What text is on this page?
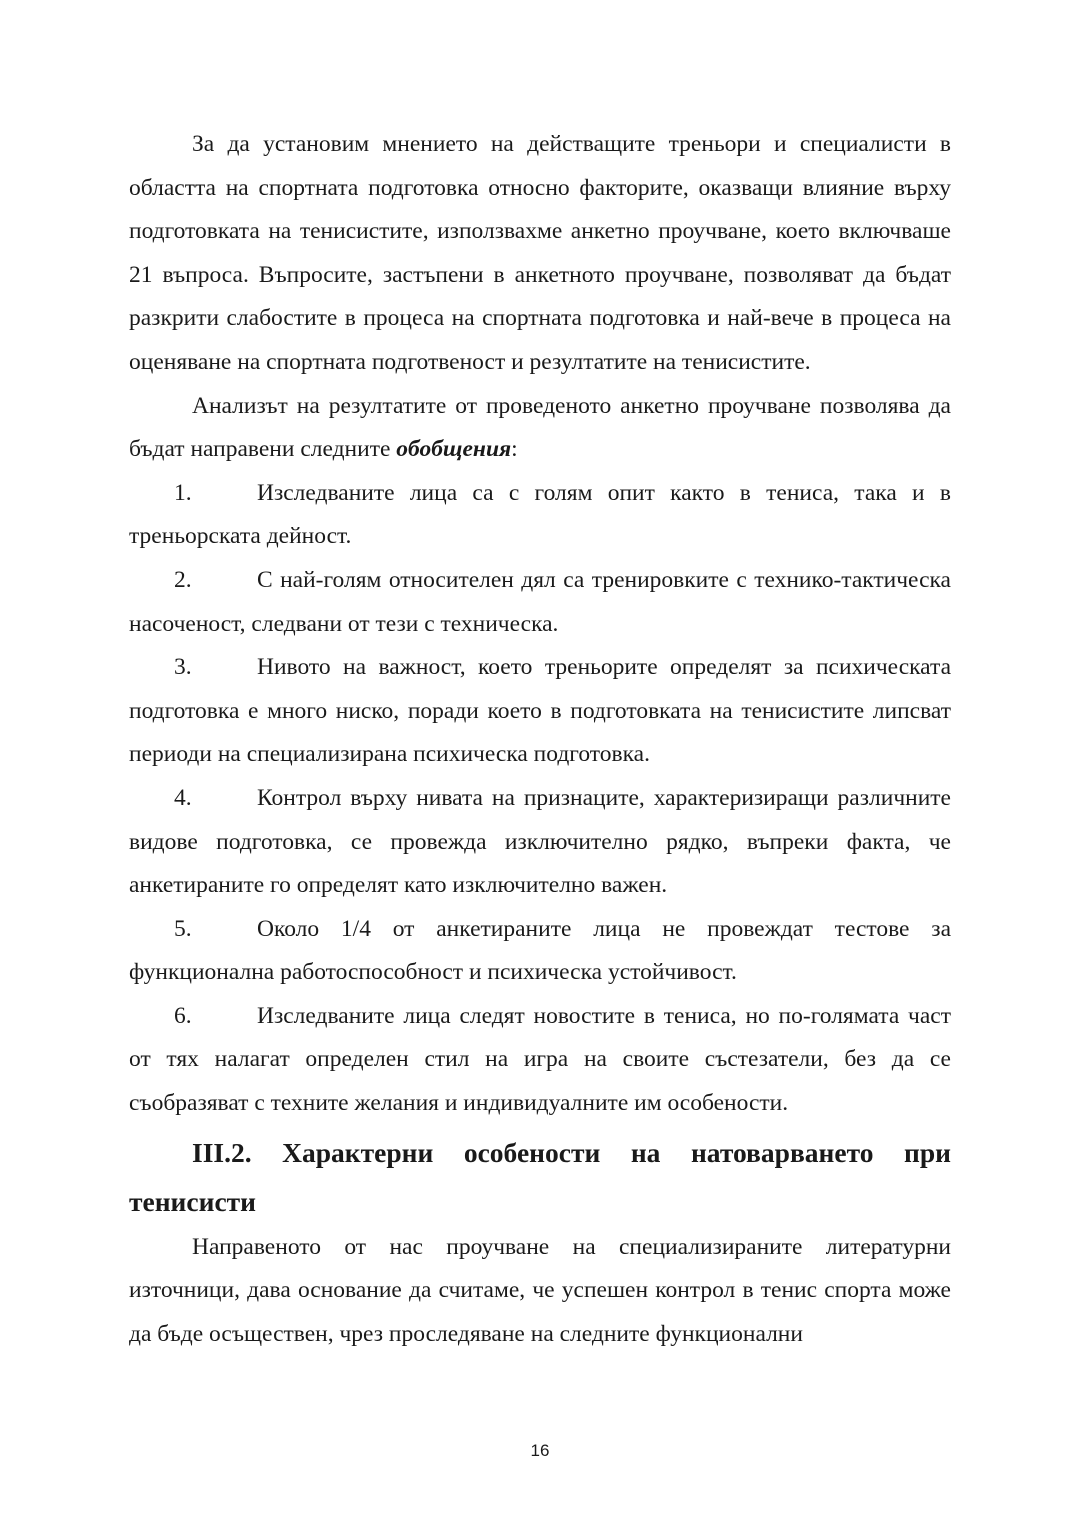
За да установим мнението на действащите треньори и специалисти в областта на спортната подготовка относно факторите, оказващи влияние върху подготовката на тенисистите, използвахме анкетно проучване, което включваше 21 въпроса. Въпросите, застъпени в анкетното проучване, позволяват да бъдат разкрити слабостите в процеса на спортната подготовка и най-вече в процеса на оценяване на спортната подготвеност и резултатите на тенисистите.

Анализът на резултатите от проведеното анкетно проучване позволява да бъдат направени следните обобщения:

1.	Изследваните лица са с голям опит както в тениса, така и в треньорската дейност.

2.	С най-голям относителен дял са тренировките с технико-тактическа насоченост, следвани от тези с техническа.

3.	Нивото на важност, което треньорите определят за психическата подготовка е много ниско, поради което в подготовката на тенисистите липсват периоди на специализирана психическа подготовка.

4.	Контрол върху нивата на признаците, характеризиращи различните видове подготовка, се провежда изключително рядко, въпреки факта, че анкетираните го определят като изключително важен.

5.	Около 1/4 от анкетираните лица не провеждат тестове за функционална работоспособност и психическа устойчивост.

6.	Изследваните лица следят новостите в тениса, но по-голямата част от тях налагат определен стил на игра на своите състезатели, без да се съобразяват с техните желания и индивидуалните им особености.

III.2. Характерни особености на натоварването при тенисисти

Направеното от нас проучване на специализираните литературни източници, дава основание да считаме, че успешен контрол в тенис спорта може да бъде осъществен, чрез проследяване на следните функционални

16
